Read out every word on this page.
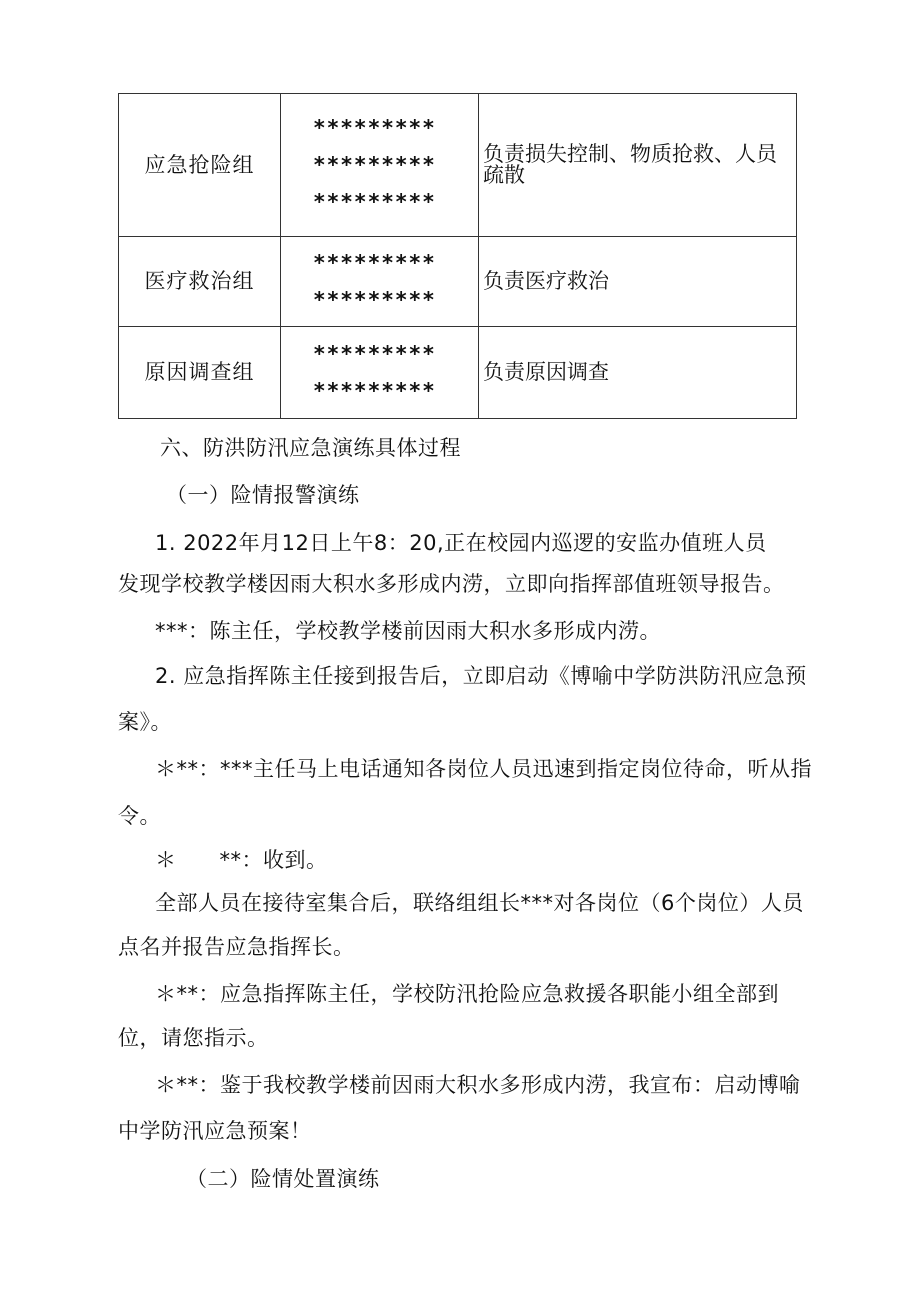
应急抢险组	*********
*********
*********	负责损失控制、物质抢救、人员疏散
医疗救治组	*********
*********	负责医疗救治
原因调查组	*********
*********	负责原因调查
六、防洪防汛应急演练具体过程
（一）险情报警演练
1. 2022年月12日上午8：20,正在校园内巡逻的安监办值班人员
发现学校教学楼因雨大积水多形成内涝，立即向指挥部值班领导报告。
***：陈主任，学校教学楼前因雨大积水多形成内涝。
2. 应急指挥陈主任接到报告后，立即启动《博喻中学防洪防汛应急预
案》。
＊**：***主任马上电话通知各岗位人员迅速到指定岗位待命，听从指
令。
＊　　**：收到。
全部人员在接待室集合后，联络组组长***对各岗位（6个岗位）人员
点名并报告应急指挥长。
＊**：应急指挥陈主任，学校防汛抢险应急救援各职能小组全部到
位，请您指示。
＊**：鉴于我校教学楼前因雨大积水多形成内涝，我宣布：启动博喻
中学防汛应急预案！
（二）险情处置演练
